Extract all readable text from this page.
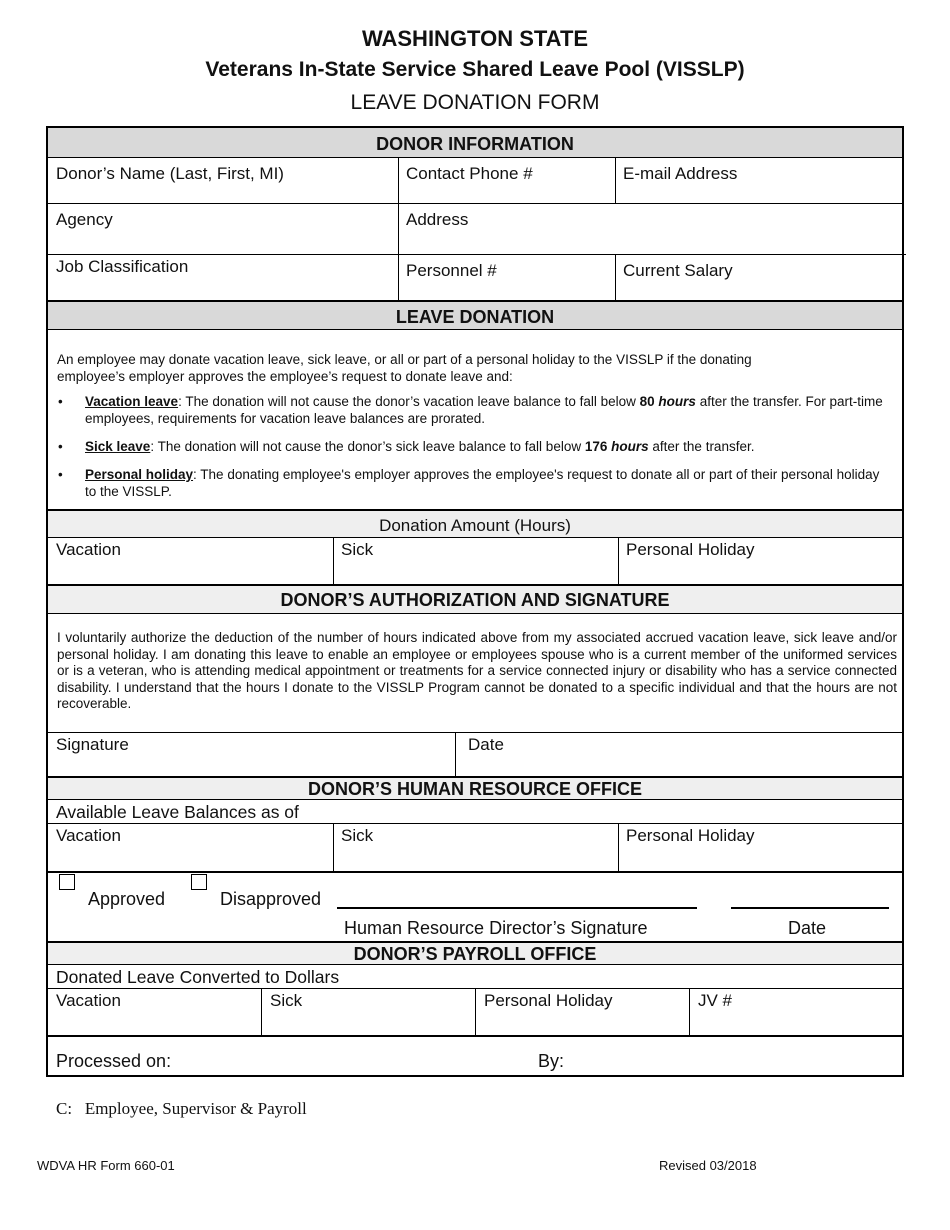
WASHINGTON STATE
Veterans In-State Service Shared Leave Pool (VISSLP)
LEAVE DONATION FORM
DONOR INFORMATION
Donor’s Name (Last, First, MI)	Contact Phone #	E-mail Address
Agency	Address
Job Classification	Personnel #	Current Salary
LEAVE DONATION
An employee may donate vacation leave, sick leave, or all or part of a personal holiday to the VISSLP if the donating employee’s employer approves the employee’s request to donate leave and:
• Vacation leave: The donation will not cause the donor’s vacation leave balance to fall below 80 hours after the transfer. For part-time employees, requirements for vacation leave balances are prorated.
• Sick leave: The donation will not cause the donor’s sick leave balance to fall below 176 hours after the transfer.
• Personal holiday: The donating employee's employer approves the employee's request to donate all or part of their personal holiday to the VISSLP.
Donation Amount (Hours)
Vacation	Sick	Personal Holiday
DONOR’S AUTHORIZATION AND SIGNATURE
I voluntarily authorize the deduction of the number of hours indicated above from my associated accrued vacation leave, sick leave and/or personal holiday. I am donating this leave to enable an employee or employees spouse who is a current member of the uniformed services or is a veteran, who is attending medical appointment or treatments for a service connected injury or disability who has a service connected disability. I understand that the hours I donate to the VISSLP Program cannot be donated to a specific individual and that the hours are not recoverable.
Signature	Date
DONOR’S HUMAN RESOURCE OFFICE
Available Leave Balances as of
Vacation	Sick	Personal Holiday
Approved	Disapproved
Human Resource Director’s Signature	Date
DONOR’S PAYROLL OFFICE
Donated Leave Converted to Dollars
Vacation	Sick	Personal Holiday	JV #
Processed on:	By:
C: Employee, Supervisor & Payroll
WDVA HR Form 660-01	Revised 03/2018
